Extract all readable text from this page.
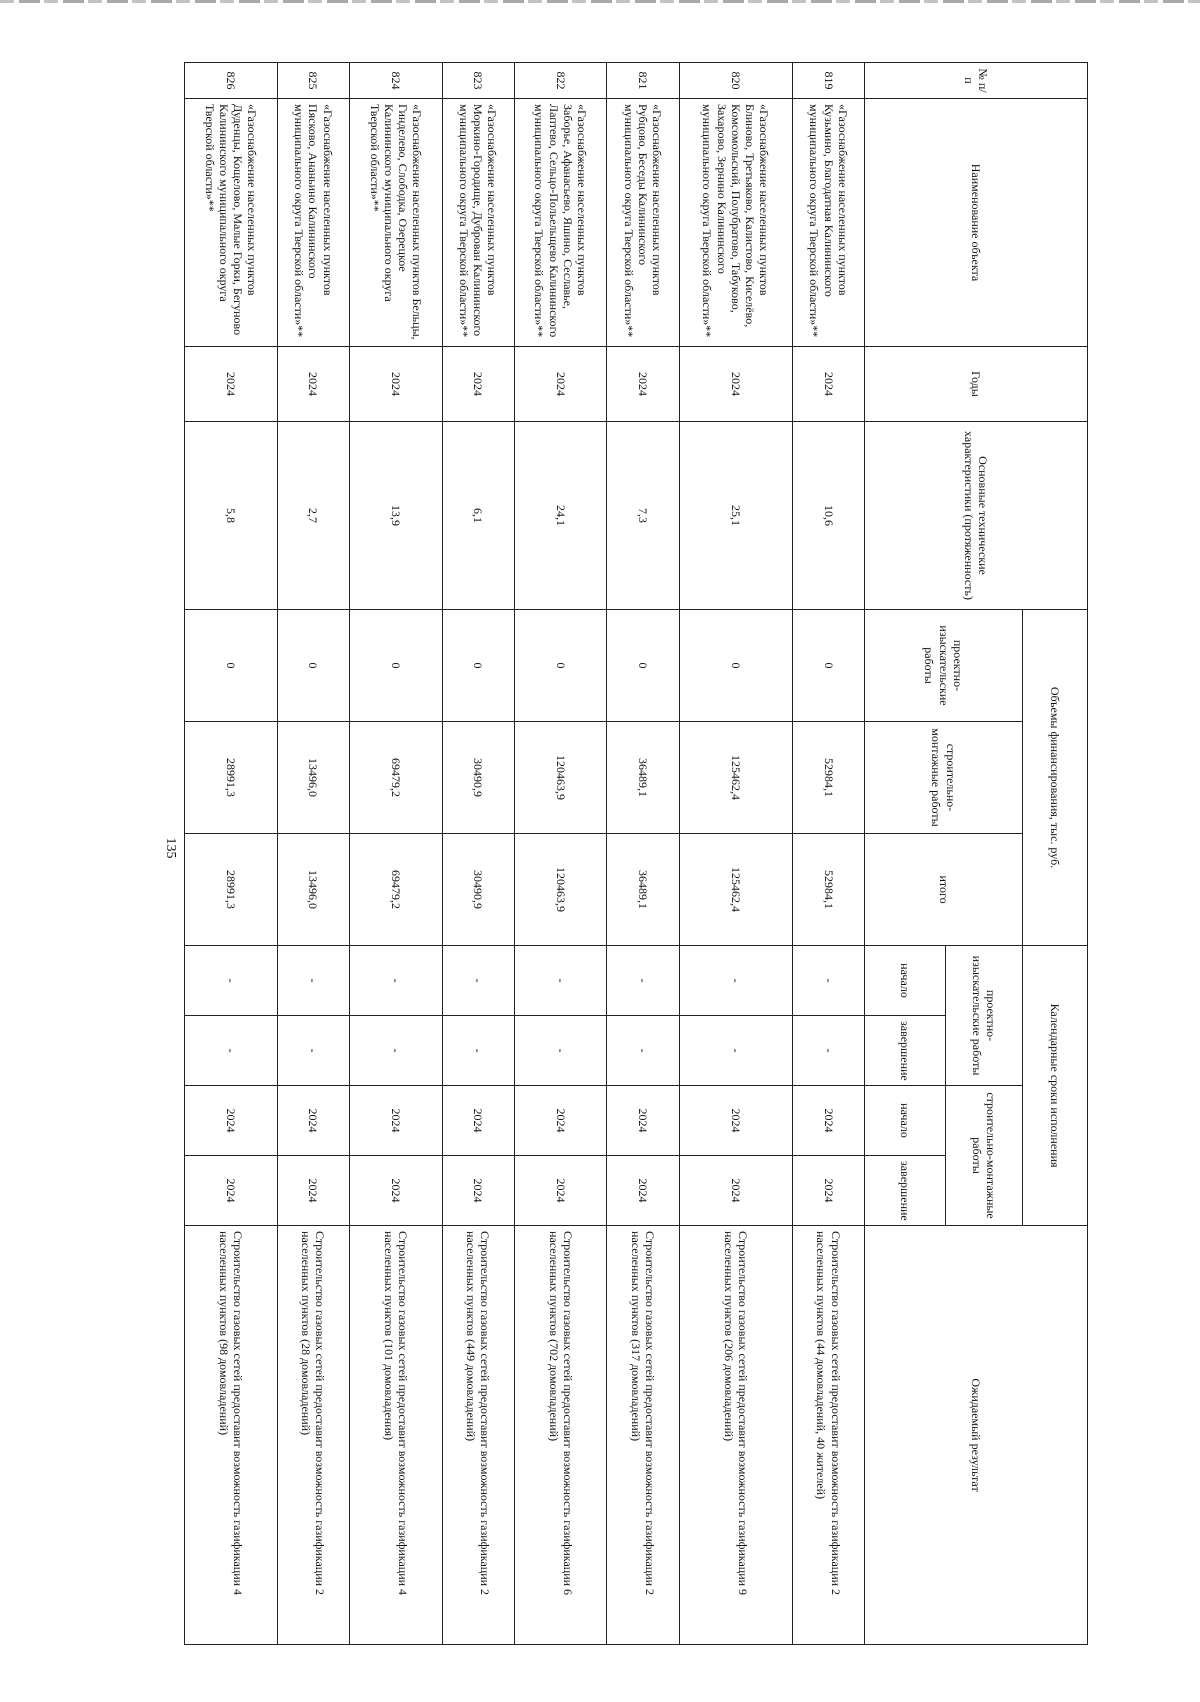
135
№ п/п	Наименование объекта	Годы	Основные технические характеристики (протяженность)	Объемы финансирования, тыс. руб.			Календарные сроки исполнения				Ожидаемый результат
				проектно-изыскательские работы	строительно-монтажные работы	итого	проектно-изыскательские работы		строительно-монтажные работы		
							начало	завершение	начало	завершение	
819	«Газоснабжение населенных пунктов Кузьмино, Благодатная Калининского муниципального округа Тверской области»**	2024	10,6	0	52984,1	52984,1	-	-	2024	2024	Строительство газовых сетей предоставит возможность газификации 2 населенных пунктов (44 домовладений, 40 жителей)
820	«Газоснабжение населенных пунктов Блиново, Третьяково, Калистово, Киселёво, Комсомольский, Полубратово, Табуково, Захарово, Зернино Калининского муниципального округа Тверской области»**	2024	25,1	0	125462,4	125462,4	-	-	2024	2024	Строительство газовых сетей предоставит возможность газификации 9 населенных пунктов (206 домовладений)
821	«Газоснабжение населенных пунктов Рубцово, Беседы Калининского муниципального округа Тверской области»**	2024	7,3	0	36489,1	36489,1	-	-	2024	2024	Строительство газовых сетей предоставит возможность газификации 2 населенных пунктов (317 домовладений)
822	«Газоснабжение населенных пунктов Заборье, Афанасьево, Яшино, Сеславье, Лаптево, Сельцо-Польельщево Калининского муниципального округа Тверской области»**	2024	24,1	0	120463,9	120463,9	-	-	2024	2024	Строительство газовых сетей предоставит возможность газификации 6 населенных пунктов (702 домовладений)
823	«Газоснабжение населенных пунктов Моркино-Городище, Дуброван Калининского муниципального округа Тверской области»**	2024	6,1	0	30490,9	30490,9	-	-	2024	2024	Строительство газовых сетей предоставит возможность газификации 2 населенных пунктов (449 домовладений)
824	«Газоснабжение населенных пунктов Бельцы, Гинделево, Слободка, Озерецкое Калининского муниципального округа Тверской области»**	2024	13,9	0	69479,2	69479,2	-	-	2024	2024	Строительство газовых сетей предоставит возможность газификации 4 населенных пунктов (101 домовладения)
825	«Газоснабжение населенных пунктов Пясково, Ананьино Калининского муниципального округа Тверской области»**	2024	2,7	0	13496,0	13496,0	-	-	2024	2024	Строительство газовых сетей предоставит возможность газификации 2 населенных пунктов (28 домовладений)
826	«Газоснабжение населенных пунктов Дуденцы, Кощелово, Малые Горки, Бегуново Калининского муниципального округа Тверской области»**	2024	5,8	0	28991,3	28991,3	-	-	2024	2024	Строительство газовых сетей предоставит возможность газификации 4 населенных пунктов (98 домовладений)
